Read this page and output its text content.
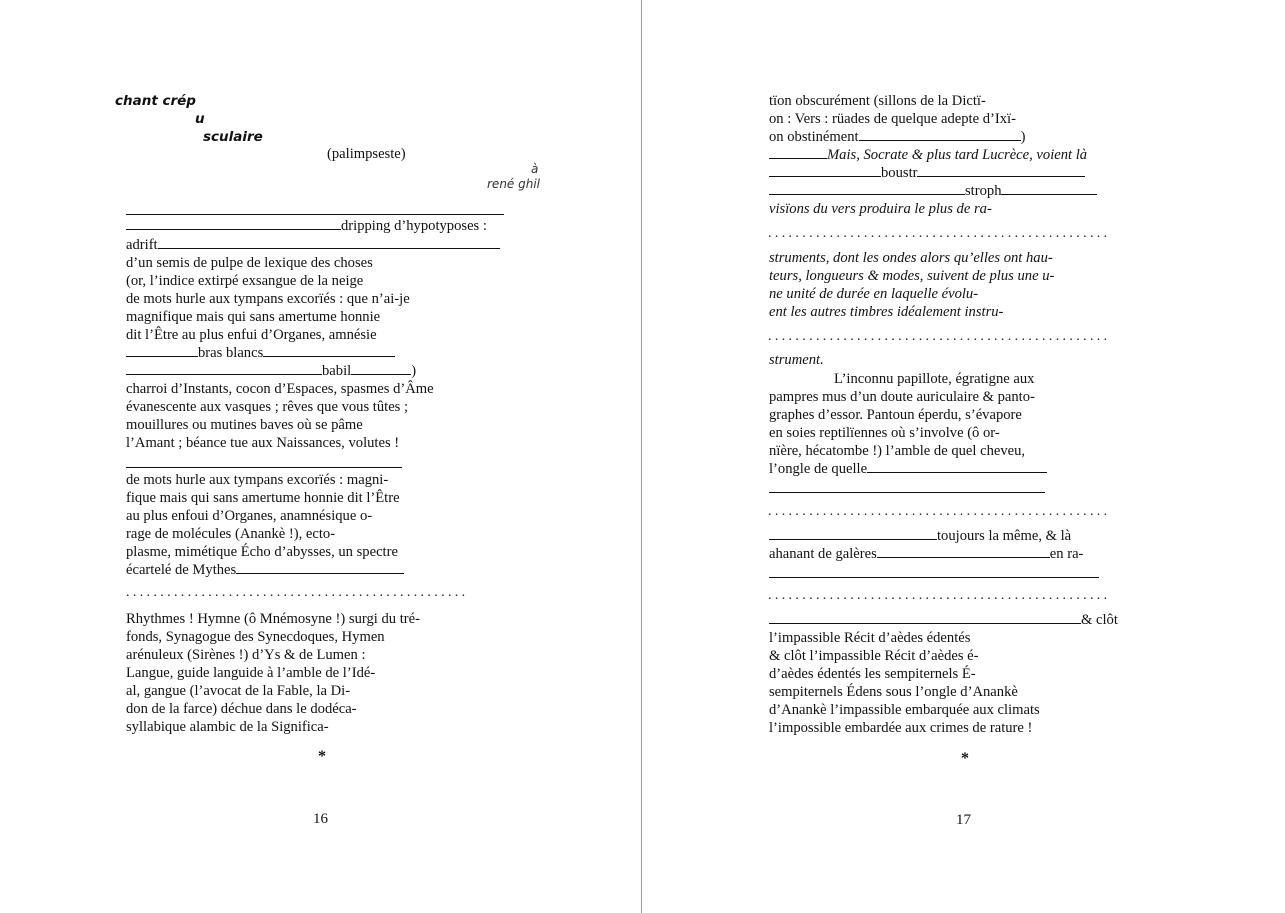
chant crép
u
sculaire
(palimpseste)
à
rené ghil
dripping d’hypotyposes :
adrift
d’un semis de pulpe de lexique des choses
(or, l’indice extirpé exsangue de la neige
de mots hurle aux tympans excorïés : que n’ai-je
magnifique mais qui sans amertume honnie
dit l’Être au plus enfui d’Organes, amnésie
bras blancs
babil	)
charroi d’Instants, cocon d’Espaces, spasmes d’Âme
évanescente aux vasques ; rêves que vous tûtes ;
mouillures ou mutines baves où se pâme
l’Amant ; béance tue aux Naissances, volutes !
de mots hurle aux tympans excorïés : magni-
fique mais qui sans amertume honnie dit l’Être
au plus enfoui d’Organes, anamnésique o-
rage de molécules (Anankè !), ecto-
plasme, mimétique Écho d’abysses, un spectre
écartelé de Mythes
..................................................
Rhythmes ! Hymne (ô Mnémosyne !) surgi du tré-
fonds, Synagogue des Synecdoques, Hymen
arénuleux (Sirènes !) d’Ys & de Lumen :
Langue, guide languide à l’amble de l’Idé-
al, gangue (l’avocat de la Fable, la Di-
don de la farce) déchue dans le dodéca-
syllabique alambic de la Significa-
*
16
tïon obscurément (sillons de la Dictï-
on : Vers : rüades de quelque adepte d’Ixï-
on obstinément	)
Mais, Socrate & plus tard Lucrèce, voient là
boustr
stroph
visïons du vers produira le plus de ra-
..................................................
struments, dont les ondes alors qu’elles ont hau-
teurs, longueurs & modes, suivent de plus une u-
ne unité de durée en laquelle évolu-
ent les autres timbres idéalement instru-
..................................................
strument.
L’inconnu papillote, égratigne aux
pampres mus d’un doute auriculaire & panto-
graphes d’essor. Pantoun éperdu, s’évapore
en soies reptilïennes où s’involve (ô or-
nïère, hécatombe !) l’amble de quel cheveu,
l’ongle de quelle
..................................................
toujours la même, & là
ahanant de galères	en ra-
..................................................
& clôt
l’impassible Récit d’aèdes édentés
& clôt l’impassible Récit d’aèdes é-
d’aèdes édentés les sempiternels É-
sempiternels Édens sous l’ongle d’Anankè
d’Anankè l’impassible embarquée aux climats
l’impossible embardée aux crimes de rature !
*
17
